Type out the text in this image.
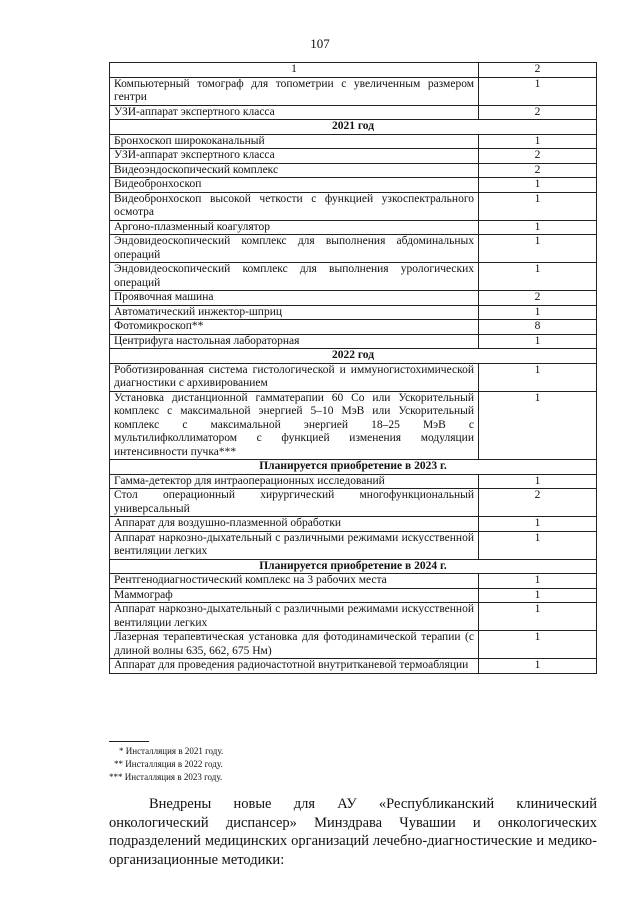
107
1	2
Компьютерный томограф для топометрии с увеличенным размером гентри	1
УЗИ-аппарат экспертного класса	2
2021 год	
Бронхоскоп ширококанальный	1
УЗИ-аппарат экспертного класса	2
Видеоэндоскопический комплекс	2
Видеобронхоскоп	1
Видеобронхоскоп высокой четкости с функцией узкоспектрального осмотра	1
Аргоно-плазменный коагулятор	1
Эндовидеоскопический комплекс для выполнения абдоминальных операций	1
Эндовидеоскопический комплекс для выполнения урологических операций	1
Проявочная машина	2
Автоматический инжектор-шприц	1
Фотомикроскоп**	8
Центрифуга настольная лабораторная	1
2022 год	
Роботизированная система гистологической и иммуногистохимической диагностики с архивированием	1
Установка дистанционной гамматерапии 60 Со или Ускорительный комплекс с максимальной энергией 5–10 МэВ или Ускорительный комплекс с максимальной энергией 18–25 МэВ с мультилифколлиматором с функцией изменения модуляции интенсивности пучка***	1
Планируется приобретение в 2023 г.	
Гамма-детектор для интраоперационных исследований	1
Стол операционный хирургический многофункциональный универсальный	2
Аппарат для воздушно-плазменной обработки	1
Аппарат наркозно-дыхательный с различными режимами искусственной вентиляции легких	1
Планируется приобретение в 2024 г.	
Рентгенодиагностический комплекс на 3 рабочих места	1
Маммограф	1
Аппарат наркозно-дыхательный с различными режимами искусственной вентиляции легких	1
Лазерная терапевтическая установка для фотодинамической терапии (с длиной волны 635, 662, 675 Нм)	1
Аппарат для проведения радиочастотной внутритканевой термоабляции	1
* Инсталляция в 2021 году.
** Инсталляция в 2022 году.
*** Инсталляция в 2023 году.
Внедрены новые для АУ «Республиканский клинический онкологический диспансер» Минздрава Чувашии и онкологических подразделений медицинских организаций лечебно-диагностические и медико-организационные методики:
